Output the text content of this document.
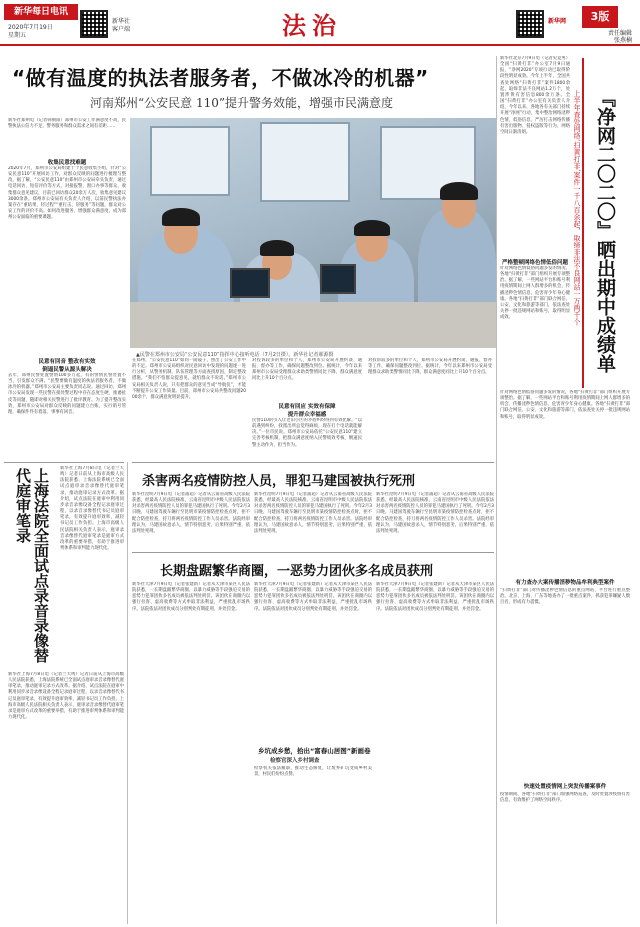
新华每日电讯
2020年7月19日
星期五
新华社
客户端	法治	新华网	3版
责任编辑
张燕楠
“做有温度的执法者服务者，不做冰冷的机器”
河南郑州“公安民意 110”提升警务效能，增强市民满意度
新华社郑州电（记者韩朝阳）郑州市公安工作满意度不高，民警执法公信力不足，警务服务和群众需求之间有差距……
收集民意找难题
2020年7月，郑州市公安局组建十个民意收集小组，针对“公安民意110”开展回访工作，对群众反映的问题进行梳理与整改。据了解，“公安民意110”由郑州市公安局牵头负责，通过电话回访、短信评价等方式，对接报警、窗口办事等群众，收集群众意见建议，目前已回访群众20余万人次，收集意见建议3000余条。郑州市公安局有关负责人介绍，以前民警执法办案存在“重结果、轻过程”“重打击、轻服务”等问题，群众对公安工作的评价不高。如何改进服务，增强群众满意度，成为郑州公安面临的重要课题。
民意有回音 整改有实效
倒逼民警从源头解决
去年，郑州民警处置警情100多万起，有的警情民警处置不当，引发群众不满。“民警要做有温度的执法者服务者，不做冰冷的机器。”郑州市公安局主要负责同志说。通过回访，郑州市公安局发现一些民警在接处警过程中存在态度生硬、推诿扯皮等问题，随即对相关民警进行了批评教育。为了提升整改实效，郑州市公安局对群众反映的问题建立台账，实行销号管理，确保件件有着落、事事有回音。
▲民警在郑州市公安局“公安民意110”指挥中心接听电话（7月2日摄）。新华社记者郝源摄
在郑州，“公安民意110”如同一面镜子，照出了公安工作中的不足。郑州市公安局组织对民意回访中发现的问题逐一进行分析，从警务机制、队伍管理等方面查找原因，制定整改措施。“我们不怕群众提意见，就怕群众不说话。”郑州市公安局相关负责人说，只有把群众的意见当成“导航仪”，才能不断提升公安工作质量。目前，郑州市公安局共整改问题2000余个，群众满意度明显提升。
民意有回应 实效有保障
提升群众幸福感
对投诉较多的单位和个人，郑州市公安局开展约谈、通报、督办等工作，确保问题整改到位。据统计，今年以来郑州市公安局受理群众求助类警情同比下降，群众满意度同比上升10个百分点。
民警110的引入让老旧小区的矛盾纠纷得到有效化解。“以前遇到纠纷，找派出所总觉得麻烦，现在打个电话就能解决。”一位市民说。郑州市公安局依托“公安民意110”建立完善考核机制，把群众满意度纳入民警绩效考核，倒逼民警主动作为、担当作为。
对投诉较多的单位和个人，郑州市公安局开展约谈、通报、督办等工作，确保问题整改到位。据统计，今年以来郑州市公安局受理群众求助类警情同比下降，群众满意度同比上升10个百分点。
新华社北京7月9日电（记者史竞男）全国“扫黄打非”办公室7月9日通报，“净网2020”专项行动已取得阶段性明显成效。今年上半年，全国共查处网络“扫黄打非”案件1800余起，取缔非法不良网站1.2万个，处置涉黄有害信息800余万条。全国“扫黄打非”办公室有关负责人介绍，今年以来，各地各有关部门持续开展“净网”行动，集中整治网络淫秽色情、低俗信息，严厉打击网络传播有害出版物、侵权盗版等行为，网络空间日渐清朗。	『净网二〇二〇』晒出期中成绩单
上半年查处网络‘扫黄打非’案件一千八百余起，取缔非法不良网站一万两千个
严格整顿网络色情低俗问题
针对网络色情低俗问题多发的情况，各地“扫黄打非”部门组织开展专项整治。据了解，一些网站平台和账号利用疫情期间上网人群增多的机会，传播淫秽色情信息，危害青少年身心健康。各地“扫黄打非”部门联合网信、公安、文化和旅游等部门，依法查处关停一批违规网站和账号，取得明显成效。
针对网络色情低俗问题多发的情况，各地“扫黄打非”部门组织开展专项整治。据了解，一些网站平台和账号利用疫情期间上网人群增多的机会，传播淫秽色情信息，危害青少年身心健康。各地“扫黄打非”部门联合网信、公安、文化和旅游等部门，依法查处关停一批违规网站和账号，取得明显成效。
有力查办大案传播淫秽物品牟利典型案件
“扫黄打非”部门对传播淫秽色情信息的重点网站、平台进行重点整治。北京、上海、广东等地查办了一批重点案件，抓获犯罪嫌疑人数百名，形成有力震慑。
快速处置疫情网上突发传播案事件
疫情期间，各地“扫黄打非”部门加强网络巡查，及时处置涉疫情有害信息，有效维护了网络空间秩序。
新华社上海7月8日电（记者兰天鸣）记者日前从上海市高级人民法院获悉，上海法院系统已全面试点庭审录音录像替代庭审笔录，推动庭审记录方式改革。据介绍，试点法院在庭审中利用同步录音录像设备全程记录庭审过程，以录音录像替代书记员庭审笔录，有效提升庭审效率，减轻书记员工作负担。上海市高级人民法院相关负责人表示，庭审录音录像替代庭审笔录是庭审方式改革的重要举措，有助于推进审判体系和审判能力现代化。
上海法院全面试点录音录像替代庭审笔录
新华社上海7月8日电（记者兰天鸣）记者日前从上海市高级人民法院获悉，上海法院系统已全面试点庭审录音录像替代庭审笔录，推动庭审记录方式改革。据介绍，试点法院在庭审中利用同步录音录像设备全程记录庭审过程，以录音录像替代书记员庭审笔录，有效提升庭审效率，减轻书记员工作负担。上海市高级人民法院相关负责人表示，庭审录音录像替代庭审笔录是庭审方式改革的重要举措，有助于推进审判体系和审判能力现代化。
杀害两名疫情防控人员，罪犯马建国被执行死刑
新华社昆明7月9日电（记者浦超）记者从云南省高级人民法院获悉，经最高人民法院核准，云南省昆明市中级人民法院依法对杀害两名疫情防控人员的罪犯马建国执行了死刑。今年2月3日晚，马建国驾驶车辆行至昆明市某疫情防控检查点时，拒不配合防控检查，持刀将两名疫情防控工作人员杀害。法院经审理认为，马建国故意杀人，情节特别恶劣，后果特别严重，依法判处死刑。
新华社昆明7月9日电（记者浦超）记者从云南省高级人民法院获悉，经最高人民法院核准，云南省昆明市中级人民法院依法对杀害两名疫情防控人员的罪犯马建国执行了死刑。今年2月3日晚，马建国驾驶车辆行至昆明市某疫情防控检查点时，拒不配合防控检查，持刀将两名疫情防控工作人员杀害。法院经审理认为，马建国故意杀人，情节特别恶劣，后果特别严重，依法判处死刑。
新华社昆明7月9日电（记者浦超）记者从云南省高级人民法院获悉，经最高人民法院核准，云南省昆明市中级人民法院依法对杀害两名疫情防控人员的罪犯马建国执行了死刑。今年2月3日晚，马建国驾驶车辆行至昆明市某疫情防控检查点时，拒不配合防控检查，持刀将两名疫情防控工作人员杀害。法院经审理认为，马建国故意杀人，情节特别恶劣，后果特别严重，依法判处死刑。
长期盘踞繁华商圈，一恶势力团伙多名成员获刑
新华社天津7月9日电（记者张建新）记者从天津市某区人民法院获悉，一长期盘踞繁华商圈、以暴力威胁等手段强迫交易的恶势力犯罪团伙多名成员被依法判处刑罚。该团伙在商圈内以强行拉客、虚高收费等方式牟取非法利益，严重扰乱市场秩序。法院依法对团伙成员分别判处有期徒刑，并处罚金。
新华社天津7月9日电（记者张建新）记者从天津市某区人民法院获悉，一长期盘踞繁华商圈、以暴力威胁等手段强迫交易的恶势力犯罪团伙多名成员被依法判处刑罚。该团伙在商圈内以强行拉客、虚高收费等方式牟取非法利益，严重扰乱市场秩序。法院依法对团伙成员分别判处有期徒刑，并处罚金。
乡坑成乡愁，拾出“富春山居图”新画卷
检察官深入乡村调查
检察机关依法履职，推动生态修复，让废弃矿坑变成乡村美景，村民们纷纷点赞。
新华社天津7月9日电（记者张建新）记者从天津市某区人民法院获悉，一长期盘踞繁华商圈、以暴力威胁等手段强迫交易的恶势力犯罪团伙多名成员被依法判处刑罚。该团伙在商圈内以强行拉客、虚高收费等方式牟取非法利益，严重扰乱市场秩序。法院依法对团伙成员分别判处有期徒刑，并处罚金。
